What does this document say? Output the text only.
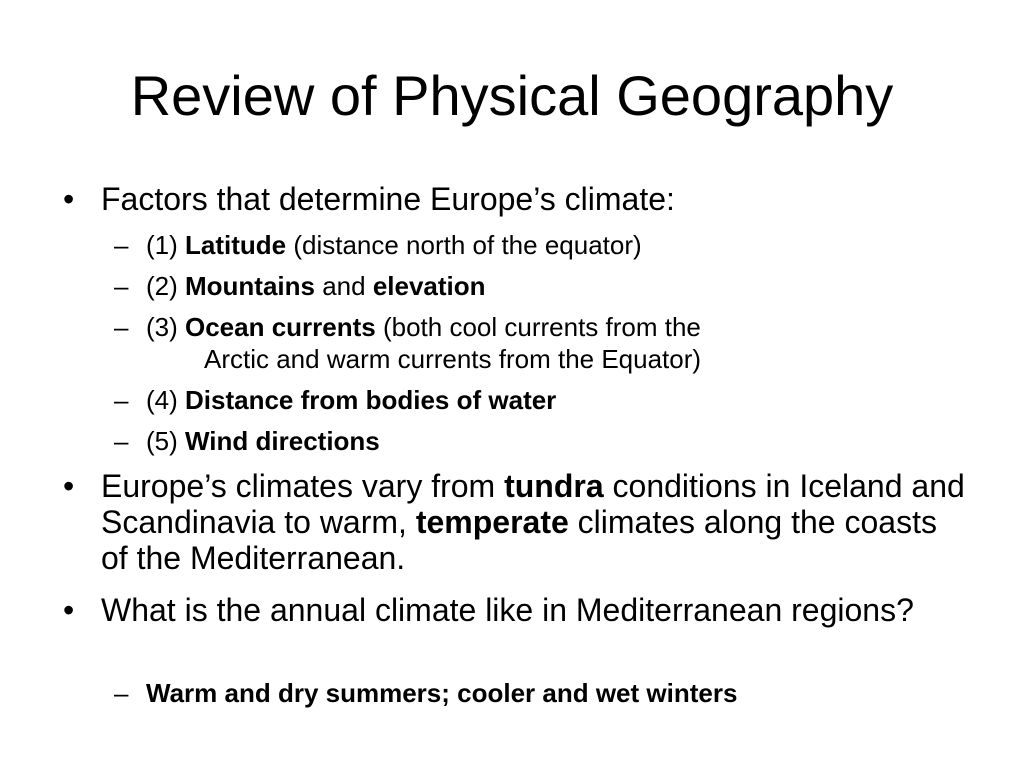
Review of Physical Geography
• Factors that determine Europe’s climate:
– (1) Latitude (distance north of the equator)
– (2) Mountains and elevation
– (3) Ocean currents (both cool currents from the
Arctic and warm currents from the Equator)
– (4) Distance from bodies of water
– (5) Wind directions
• Europe’s climates vary from tundra conditions in Iceland and Scandinavia to warm, temperate climates along the coasts of the Mediterranean.
• What is the annual climate like in Mediterranean regions?
– Warm and dry summers; cooler and wet winters
